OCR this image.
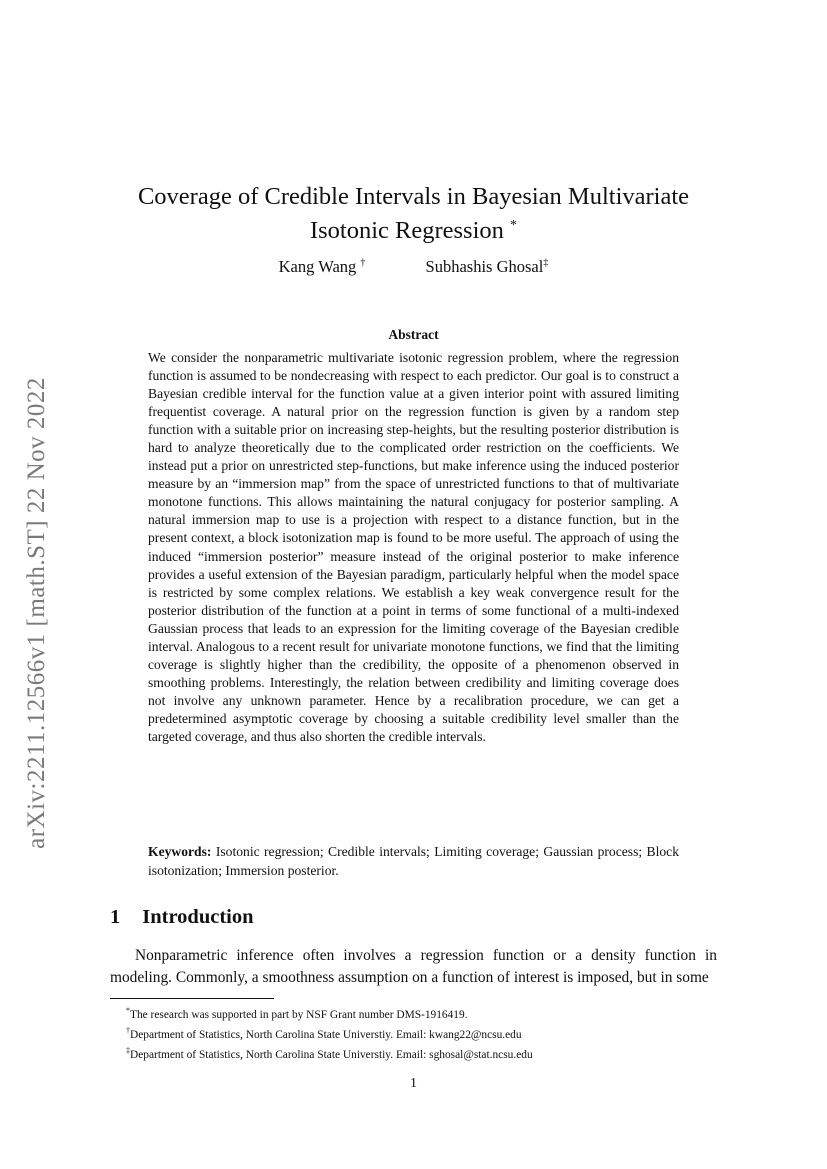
arXiv:2211.12566v1 [math.ST] 22 Nov 2022
Coverage of Credible Intervals in Bayesian Multivariate
Isotonic Regression *
Kang Wang †	Subhashis Ghosal‡
Abstract

We consider the nonparametric multivariate isotonic regression problem, where the regression function is assumed to be nondecreasing with respect to each predictor. Our goal is to construct a Bayesian credible interval for the function value at a given interior point with assured limiting frequentist coverage. A natural prior on the regression function is given by a random step function with a suitable prior on increasing step-heights, but the resulting posterior distribution is hard to analyze theoretically due to the complicated order restriction on the coefficients. We instead put a prior on unrestricted step-functions, but make inference using the induced posterior measure by an “immersion map” from the space of unrestricted functions to that of multivariate monotone functions. This allows maintaining the natural conjugacy for posterior sampling. A natural immersion map to use is a projection with respect to a distance function, but in the present context, a block isotonization map is found to be more useful. The approach of using the induced “immersion posterior” measure instead of the original posterior to make inference provides a useful extension of the Bayesian paradigm, particularly helpful when the model space is restricted by some complex relations. We establish a key weak convergence result for the posterior distribution of the function at a point in terms of some functional of a multi-indexed Gaussian process that leads to an expression for the limiting coverage of the Bayesian credible interval. Analogous to a recent result for univariate monotone functions, we find that the limiting coverage is slightly higher than the credibility, the opposite of a phenomenon observed in smoothing problems. Interestingly, the relation between credibility and limiting coverage does not involve any unknown parameter. Hence by a recalibration procedure, we can get a predetermined asymptotic coverage by choosing a suitable credibility level smaller than the targeted coverage, and thus also shorten the credible intervals.

Keywords: Isotonic regression; Credible intervals; Limiting coverage; Gaussian process; Block isotonization; Immersion posterior.

1 Introduction

Nonparametric inference often involves a regression function or a density function in modeling. Commonly, a smoothness assumption on a function of interest is imposed, but in some

*The research was supported in part by NSF Grant number DMS-1916419.
†Department of Statistics, North Carolina State Universtiy. Email: kwang22@ncsu.edu
‡Department of Statistics, North Carolina State Universtiy. Email: sghosal@stat.ncsu.edu
1
